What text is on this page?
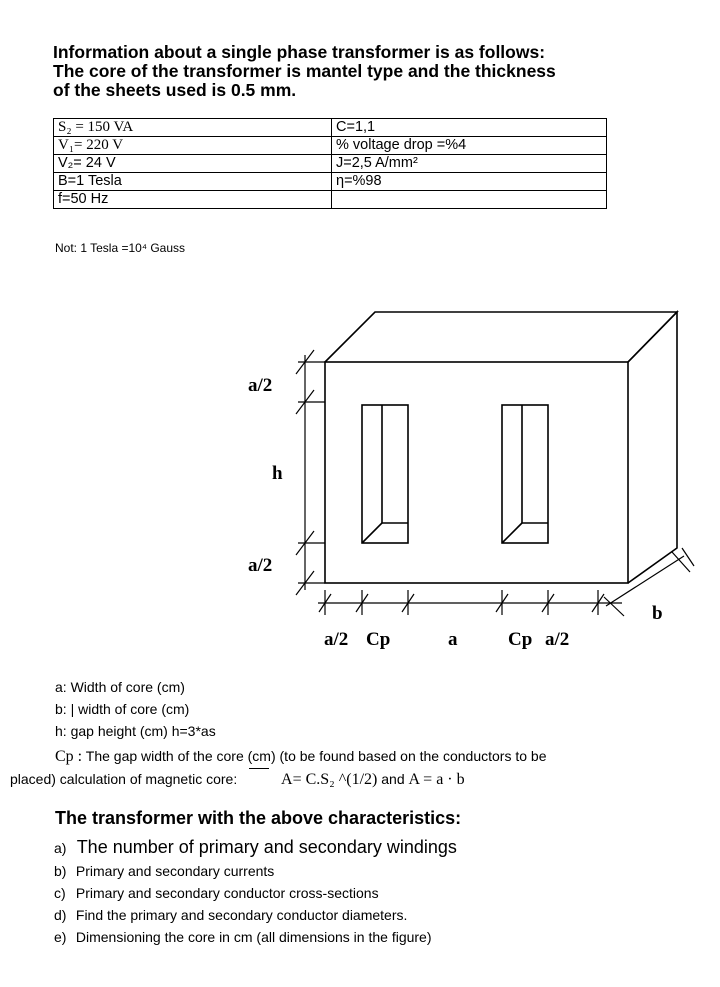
Information about a single phase transformer is as follows:
The core of the transformer is mantel type and the thickness
of the sheets used is 0.5 mm.

S₂ = 150 VA	C=1,1
V₁= 220 V	% voltage drop =%4
V₂= 24 V	J=2,5 A/mm²
B=1 Tesla	η=%98
f=50 Hz	
Not: 1 Tesla =10⁴ Gauss
a/2
h
a/2
b
a/2 Cp	a	Cp a/2
a: Width of core (cm)
b: | width of core (cm)
h: gap height (cm) h=3*as
Cp : The gap width of the core (cm) (to be found based on the conductors to be
placed) calculation of magnetic core:	A= C.S₂ ^(1/2) and A = a · b
The transformer with the above characteristics:
a) The number of primary and secondary windings
b) Primary and secondary currents
c) Primary and secondary conductor cross-sections
d) Find the primary and secondary conductor diameters.
e) Dimensioning the core in cm (all dimensions in the figure)
